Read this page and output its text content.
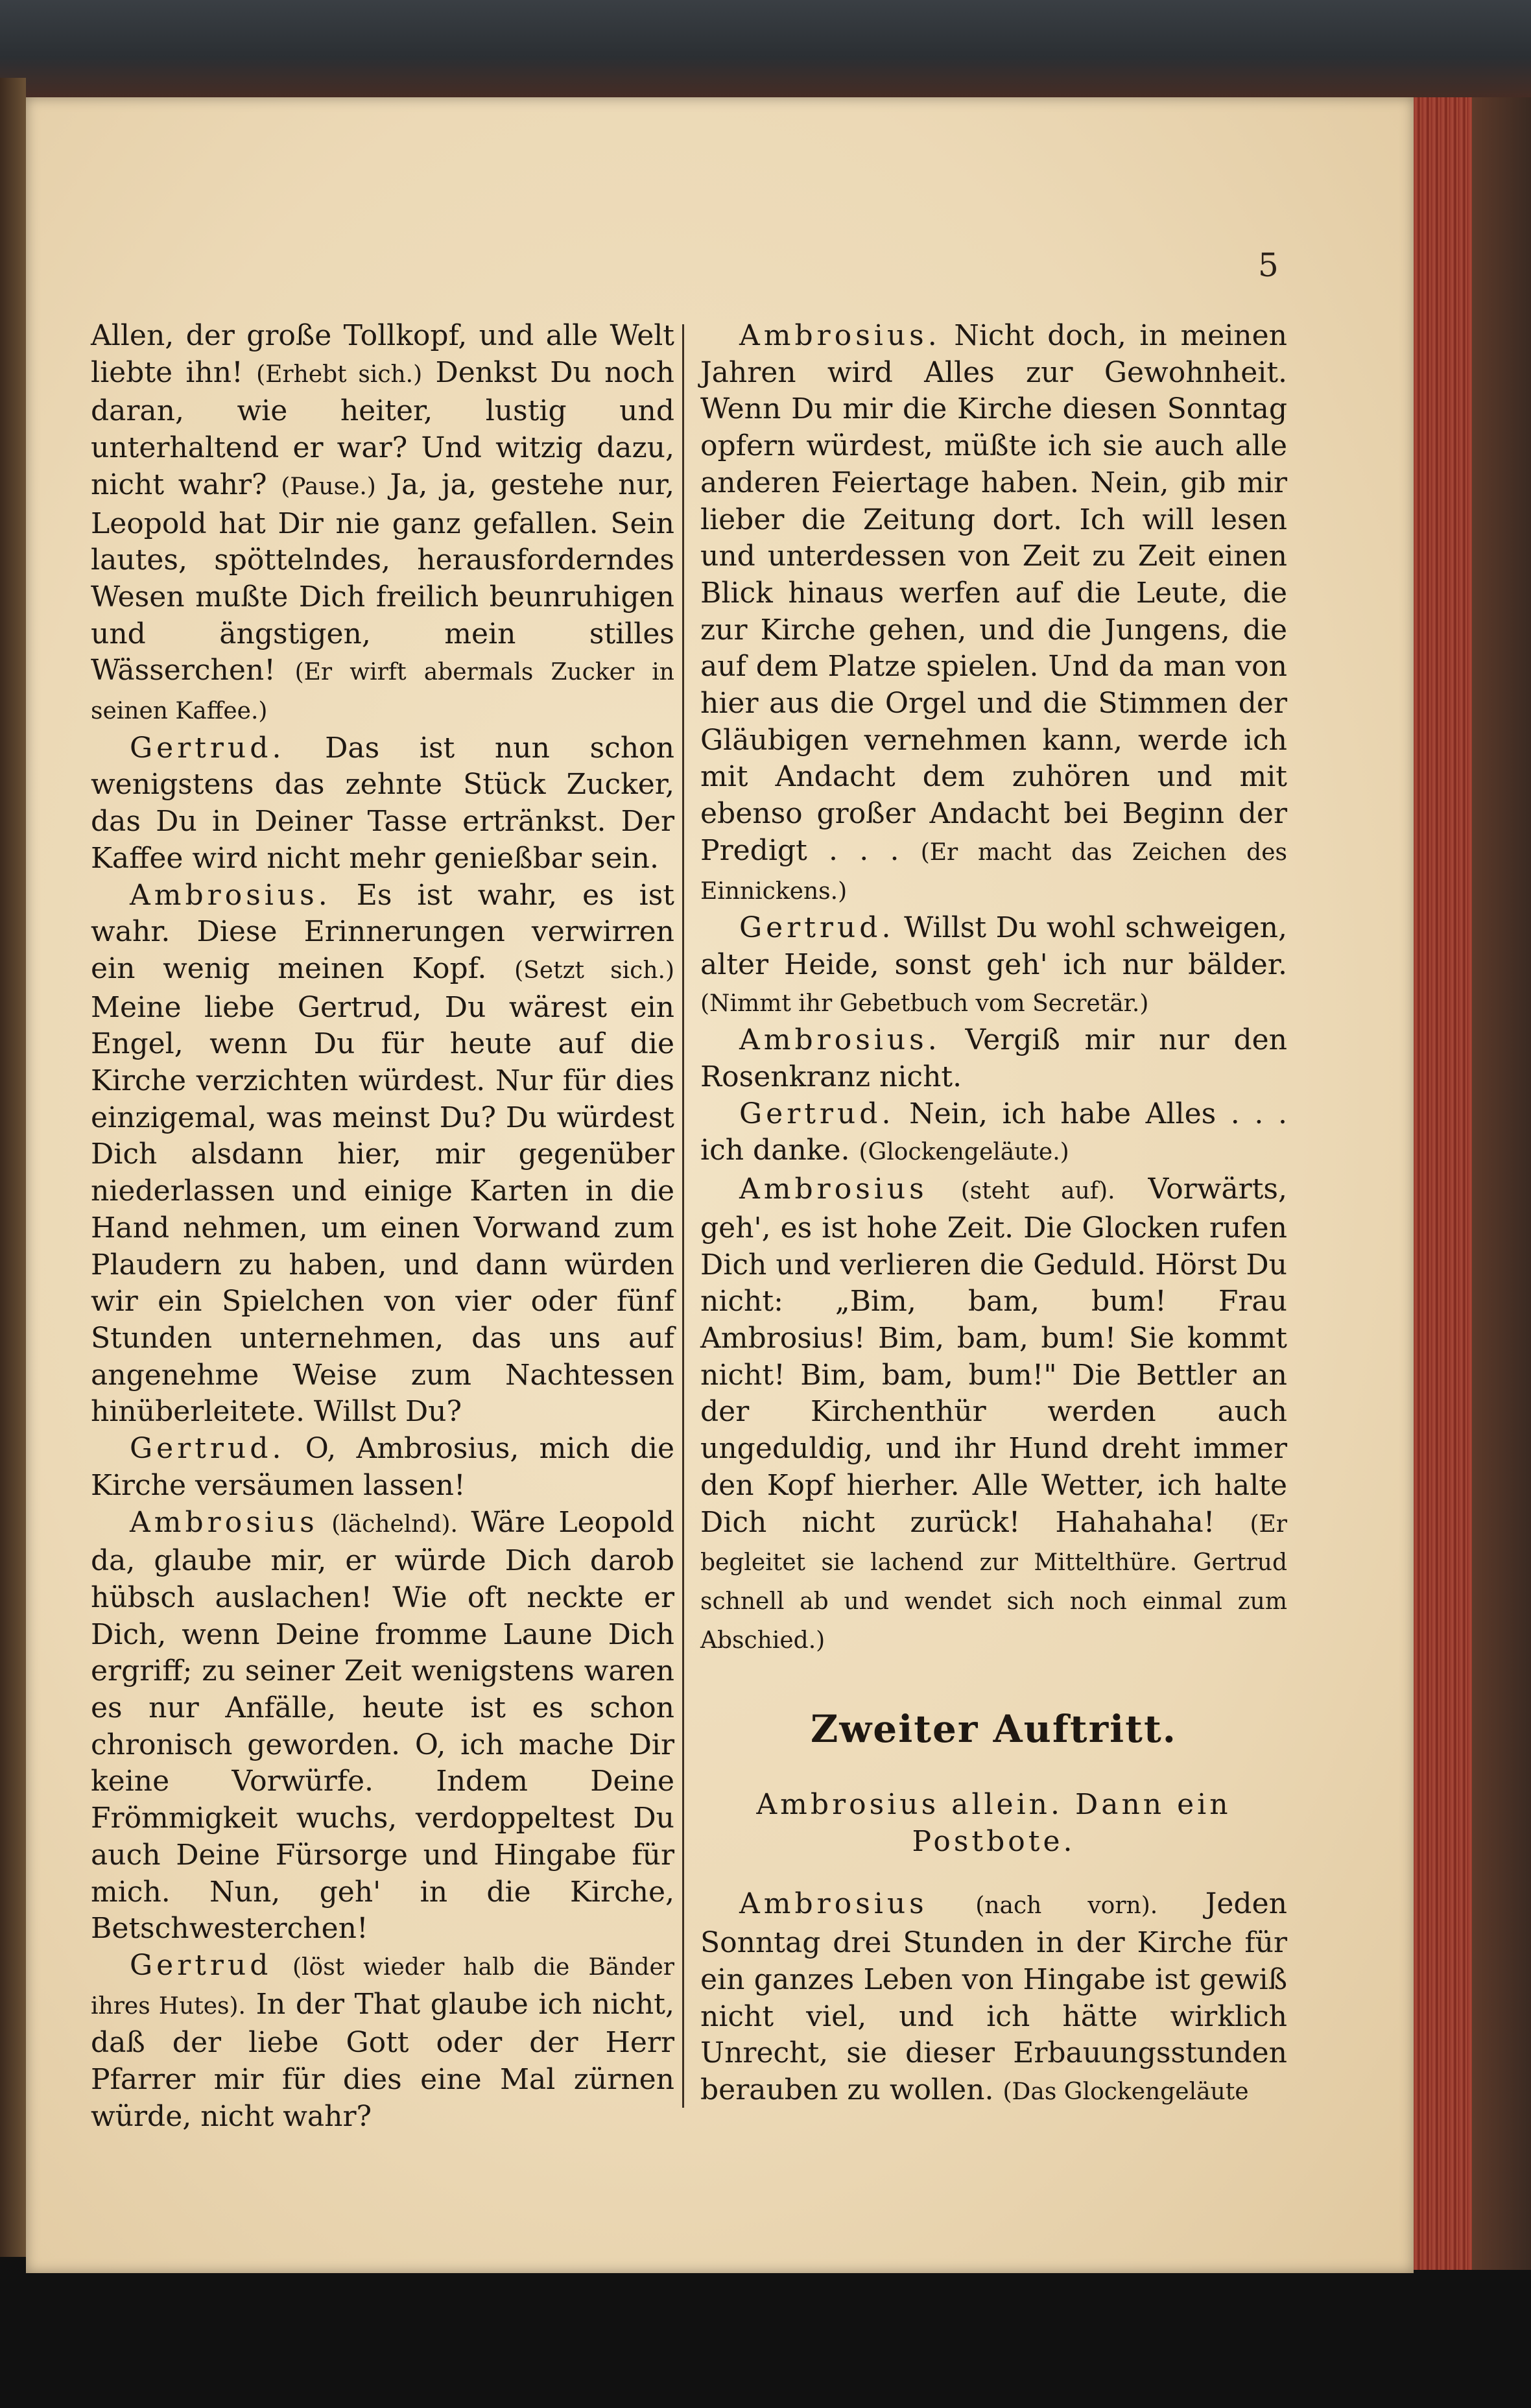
5

Allen, der große Tollkopf, und alle Welt liebte ihn! (Erhebt sich.) Denkst Du noch daran, wie heiter, lustig und unterhaltend er war? Und witzig dazu, nicht wahr? (Pause.) Ja, ja, gestehe nur, Leopold hat Dir nie ganz gefallen. Sein lautes, spöttelndes, herausforderndes Wesen mußte Dich freilich beunruhigen und ängstigen, mein stilles Wässerchen! (Er wirft abermals Zucker in seinen Kaffee.)

Gertrud. Das ist nun schon wenigstens das zehnte Stück Zucker, das Du in Deiner Tasse ertränkst. Der Kaffee wird nicht mehr genießbar sein.

Ambrosius. Es ist wahr, es ist wahr. Diese Erinnerungen verwirren ein wenig meinen Kopf. (Setzt sich.) Meine liebe Gertrud, Du wärest ein Engel, wenn Du für heute auf die Kirche verzichten würdest. Nur für dies einzigemal, was meinst Du? Du würdest Dich alsdann hier, mir gegenüber niederlassen und einige Karten in die Hand nehmen, um einen Vorwand zum Plaudern zu haben, und dann würden wir ein Spielchen von vier oder fünf Stunden unternehmen, das uns auf angenehme Weise zum Nachtessen hinüberleitete. Willst Du?

Gertrud. O, Ambrosius, mich die Kirche versäumen lassen!

Ambrosius (lächelnd). Wäre Leopold da, glaube mir, er würde Dich darob hübsch auslachen! Wie oft neckte er Dich, wenn Deine fromme Laune Dich ergriff; zu seiner Zeit wenigstens waren es nur Anfälle, heute ist es schon chronisch geworden. O, ich mache Dir keine Vorwürfe. Indem Deine Frömmigkeit wuchs, verdoppeltest Du auch Deine Fürsorge und Hingabe für mich. Nun, geh' in die Kirche, Betschwesterchen!

Gertrud (löst wieder halb die Bänder ihres Hutes). In der That glaube ich nicht, daß der liebe Gott oder der Herr Pfarrer mir für dies eine Mal zürnen würde, nicht wahr?

Ambrosius. Nicht doch, in meinen Jahren wird Alles zur Gewohnheit. Wenn Du mir die Kirche diesen Sonntag opfern würdest, müßte ich sie auch alle anderen Feiertage haben. Nein, gib mir lieber die Zeitung dort. Ich will lesen und unterdessen von Zeit zu Zeit einen Blick hinaus werfen auf die Leute, die zur Kirche gehen, und die Jungens, die auf dem Platze spielen. Und da man von hier aus die Orgel und die Stimmen der Gläubigen vernehmen kann, werde ich mit Andacht dem zuhören und mit ebenso großer Andacht bei Beginn der Predigt . . . (Er macht das Zeichen des Einnickens.)

Gertrud. Willst Du wohl schweigen, alter Heide, sonst geh' ich nur bälder. (Nimmt ihr Gebetbuch vom Secretär.)

Ambrosius. Vergiß mir nur den Rosenkranz nicht.

Gertrud. Nein, ich habe Alles . . . ich danke. (Glockengeläute.)

Ambrosius (steht auf). Vorwärts, geh', es ist hohe Zeit. Die Glocken rufen Dich und verlieren die Geduld. Hörst Du nicht: „Bim, bam, bum! Frau Ambrosius! Bim, bam, bum! Sie kommt nicht! Bim, bam, bum!" Die Bettler an der Kirchenthür werden auch ungeduldig, und ihr Hund dreht immer den Kopf hierher. Alle Wetter, ich halte Dich nicht zurück! Hahahaha! (Er begleitet sie lachend zur Mittelthüre. Gertrud schnell ab und wendet sich noch einmal zum Abschied.)

Zweiter Auftritt.
Ambrosius allein. Dann ein
Postbote.

Ambrosius (nach vorn). Jeden Sonntag drei Stunden in der Kirche für ein ganzes Leben von Hingabe ist gewiß nicht viel, und ich hätte wirklich Unrecht, sie dieser Erbauungsstunden berauben zu wollen. (Das Glockengeläute
